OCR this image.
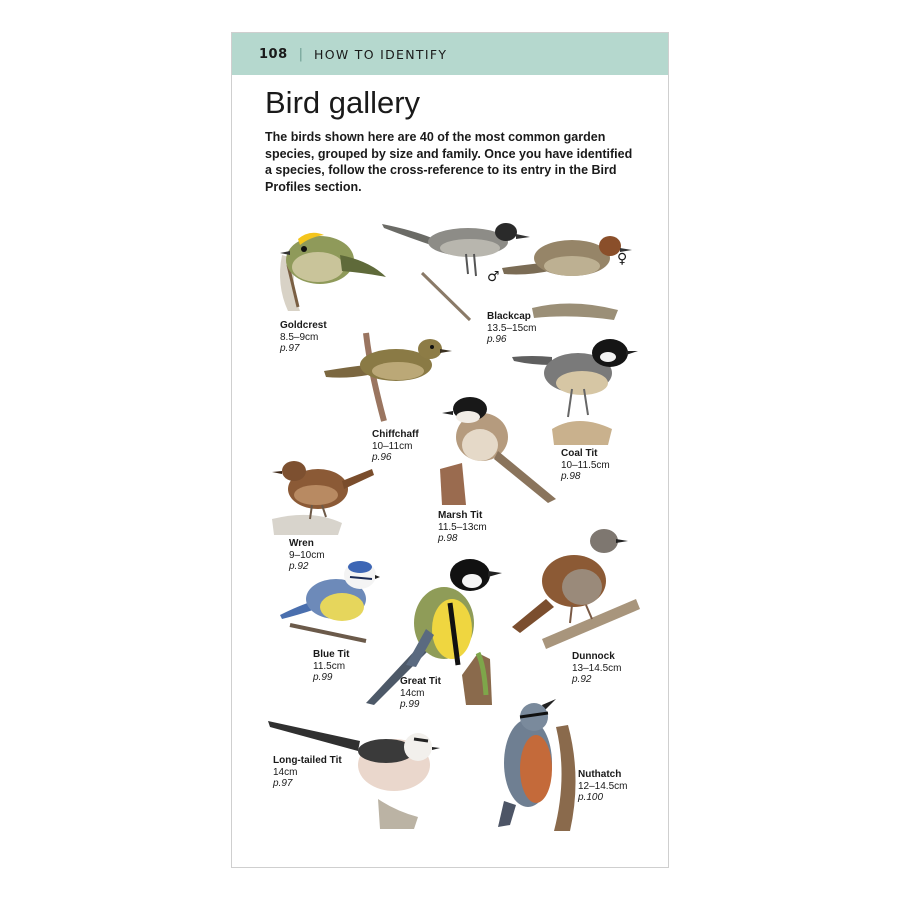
108 | HOW TO IDENTIFY
Bird gallery
The birds shown here are 40 of the most common garden species, grouped by size and family. Once you have identified a species, follow the cross-reference to its entry in the Bird Profiles section.
Goldcrest
8.5–9cm
p.97
♀
♂
Blackcap
13.5–15cm
p.96
Chiffchaff
10–11cm
p.96	Coal Tit
10–11.5cm
p.98
Marsh Tit
11.5–13cm
p.98
Wren
9–10cm
p.92
Blue Tit
11.5cm
p.99	Great Tit
14cm
p.99
Dunnock
13–14.5cm
p.92
Long-tailed Tit
14cm
p.97
Nuthatch
12–14.5cm
p.100
